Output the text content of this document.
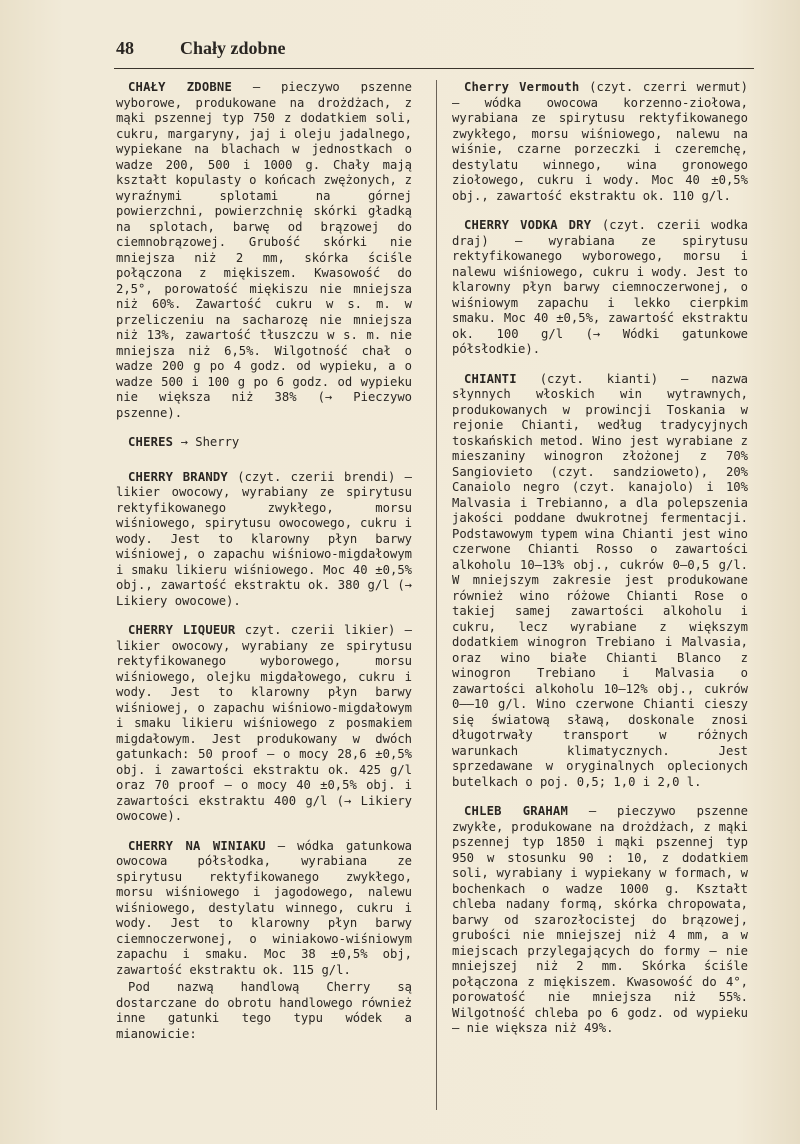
48	Chały zdobne

CHAŁY ZDOBNE — pieczywo pszenne wyborowe, produkowane na drożdżach, z mąki pszennej typ 750 z dodatkiem soli, cukru, margaryny, jaj i oleju jadalnego, wypiekane na blachach w jednostkach o wadze 200, 500 i 1000 g. Chały mają kształt kopulasty o końcach zwężonych, z wyraźnymi splotami na górnej powierzchni, powierzchnię skórki gładką na splotach, barwę od brązowej do ciemnobrązowej. Grubość skórki nie mniejsza niż 2 mm, skórka ściśle połączona z miękiszem. Kwasowość do 2,5°, porowatość miękiszu nie mniejsza niż 60%. Zawartość cukru w s. m. w przeliczeniu na sacharozę nie mniejsza niż 13%, zawartość tłuszczu w s. m. nie mniejsza niż 6,5%. Wilgotność chał o wadze 200 g po 4 godz. od wypieku, a o wadze 500 i 100 g po 6 godz. od wypieku nie większa niż 38% (→ Pieczywo pszenne).

CHERES → Sherry

CHERRY BRANDY (czyt. czerii brendi) — likier owocowy, wyrabiany ze spirytusu rektyfikowanego zwykłego, morsu wiśniowego, spirytusu owocowego, cukru i wody. Jest to klarowny płyn barwy wiśniowej, o zapachu wiśniowo-migdałowym i smaku likieru wiśniowego. Moc 40 ±0,5% obj., zawartość ekstraktu ok. 380 g/l (→ Likiery owocowe).

CHERRY LIQUEUR czyt. czerii likier) — likier owocowy, wyrabiany ze spirytusu rektyfikowanego wyborowego, morsu wiśniowego, olejku migdałowego, cukru i wody. Jest to klarowny płyn barwy wiśniowej, o zapachu wiśniowo-migdałowym i smaku likieru wiśniowego z posmakiem migdałowym. Jest produkowany w dwóch gatunkach: 50 proof — o mocy 28,6 ±0,5% obj. i zawartości ekstraktu ok. 425 g/l oraz 70 proof — o mocy 40 ±0,5% obj. i zawartości ekstraktu 400 g/l (→ Likiery owocowe).

CHERRY NA WINIAKU — wódka gatunkowa owocowa półsłodka, wyrabiana ze spirytusu rektyfikowanego zwykłego, morsu wiśniowego i jagodowego, nalewu wiśniowego, destylatu winnego, cukru i wody. Jest to klarowny płyn barwy ciemnoczerwonej, o winiakowo-wiśniowym zapachu i smaku. Moc 38 ±0,5% obj, zawartość ekstraktu ok. 115 g/l.

Pod nazwą handlową Cherry są dostarczane do obrotu handlowego również inne gatunki tego typu wódek a mianowicie:

Cherry Vermouth (czyt. czerri wermut) — wódka owocowa korzenno-ziołowa, wyrabiana ze spirytusu rektyfikowanego zwykłego, morsu wiśniowego, nalewu na wiśnie, czarne porzeczki i czeremchę, destylatu winnego, wina gronowego ziołowego, cukru i wody. Moc 40 ±0,5% obj., zawartość ekstraktu ok. 110 g/l.

CHERRY VODKA DRY (czyt. czerii wodka draj) — wyrabiana ze spirytusu rektyfikowanego wyborowego, morsu i nalewu wiśniowego, cukru i wody. Jest to klarowny płyn barwy ciemnoczerwonej, o wiśniowym zapachu i lekko cierpkim smaku. Moc 40 ±0,5%, zawartość ekstraktu ok. 100 g/l (→ Wódki gatunkowe półsłodkie).

CHIANTI (czyt. kianti) — nazwa słynnych włoskich win wytrawnych, produkowanych w prowincji Toskania w rejonie Chianti, według tradycyjnych toskańskich metod. Wino jest wyrabiane z mieszaniny winogron złożonej z 70% Sangiovieto (czyt. sandzioweto), 20% Canaiolo negro (czyt. kanajolo) i 10% Malvasia i Trebianno, a dla polepszenia jakości poddane dwukrotnej fermentacji. Podstawowym typem wina Chianti jest wino czerwone Chianti Rosso o zawartości alkoholu 10—13% obj., cukrów 0—0,5 g/l. W mniejszym zakresie jest produkowane również wino różowe Chianti Rose o takiej samej zawartości alkoholu i cukru, lecz wyrabiane z większym dodatkiem winogron Trebiano i Malvasia, oraz wino białe Chianti Blanco z winogron Trebiano i Malvasia o zawartości alkoholu 10—12% obj., cukrów 0——10 g/l. Wino czerwone Chianti cieszy się światową sławą, doskonale znosi długotrwały transport w różnych warunkach klimatycznych. Jest sprzedawane w oryginalnych oplecionych butelkach o poj. 0,5; 1,0 i 2,0 l.

CHLEB GRAHAM — pieczywo pszenne zwykłe, produkowane na drożdżach, z mąki pszennej typ 1850 i mąki pszennej typ 950 w stosunku 90 : 10, z dodatkiem soli, wyrabiany i wypiekany w formach, w bochenkach o wadze 1000 g. Kształt chleba nadany formą, skórka chropowata, barwy od szarozłocistej do brązowej, grubości nie mniejszej niż 4 mm, a w miejscach przylegających do formy — nie mniejszej niż 2 mm. Skórka ściśle połączona z miękiszem. Kwasowość do 4°, porowatość nie mniejsza niż 55%. Wilgotność chleba po 6 godz. od wypieku — nie większa niż 49%.
